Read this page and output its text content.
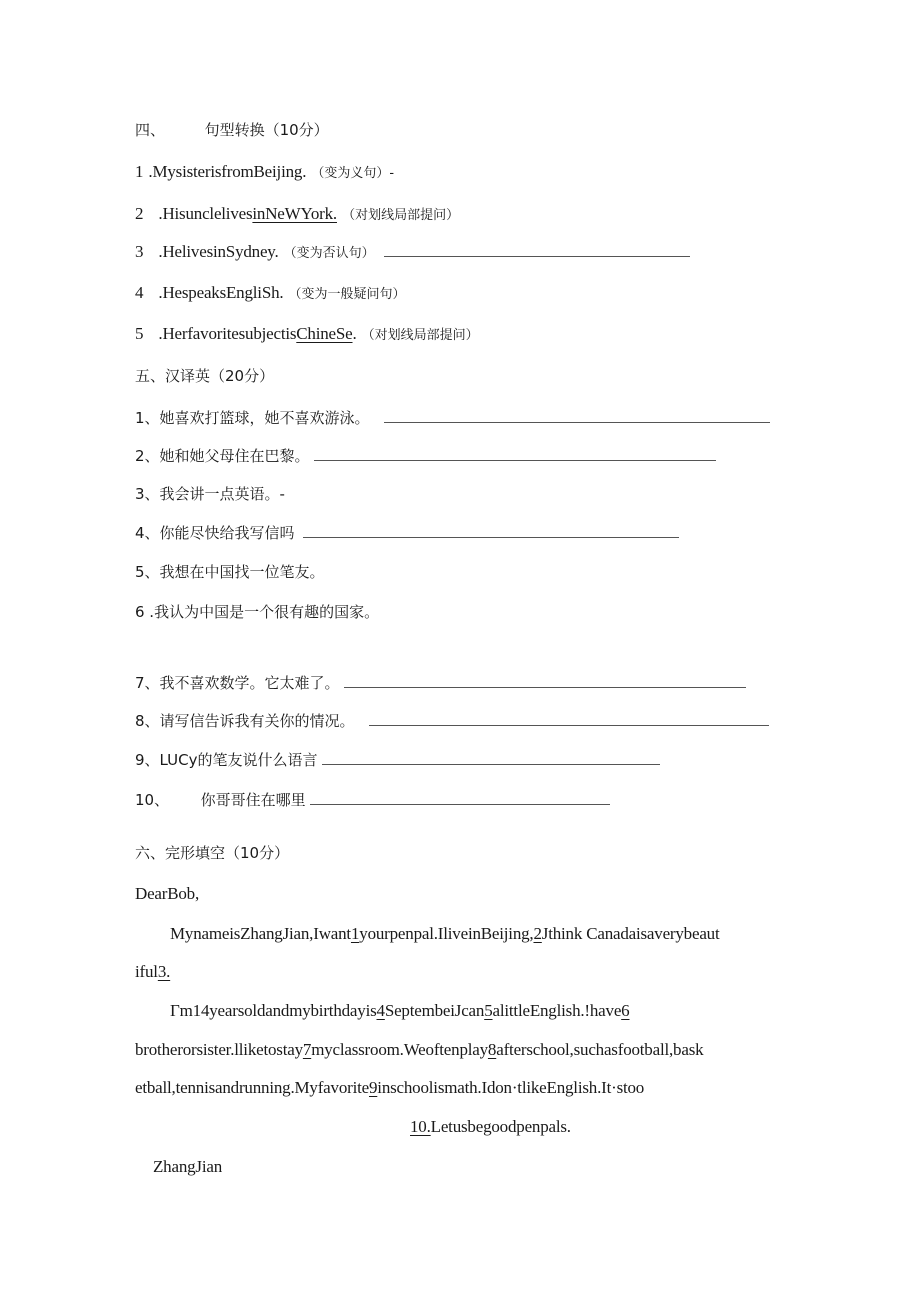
四、	句型转换（10分）
1 .MysisterisfromBeijing. （变为义句）-
2 .HisunclelivesinNeWYork. （对划线局部提问）
3 .HelivesinSydney. （变为否认句）
4 .HespeaksEngliSh. （变为一般疑问句）
5 .HerfavoritesubjectisChineSe. （对划线局部提问）
五、汉译英（20分）
1、她喜欢打篮球，她不喜欢游泳。
2、她和她父母住在巴黎。
3、我会讲一点英语。-
4、你能尽快给我写信吗
5、我想在中国找一位笔友。
6 .我认为中国是一个很有趣的国家。
7、我不喜欢数学。它太难了。
8、请写信告诉我有关你的情况。
9、LUCy的笔友说什么语言
10、 你哥哥住在哪里
六、完形填空（10分）
DearBob,
MynameisZhangJian,Iwant1yourpenpal.IliveinBeijing,2Jthink Canadaisaverybeaut
iful3.
Γm14yearsoldandmybirthdayis4SeptembeiJcan5alittleEnglish.!have6
brotherorsister.lliketostay7myclassroom.Weoftenplay8afterschool,suchasfootball,bask
etball,tennisandrunning.Myfavorite9inschoolismath.Idon·tlikeEnglish.It·stoo
10.Letusbegoodpenpals.
ZhangJian
